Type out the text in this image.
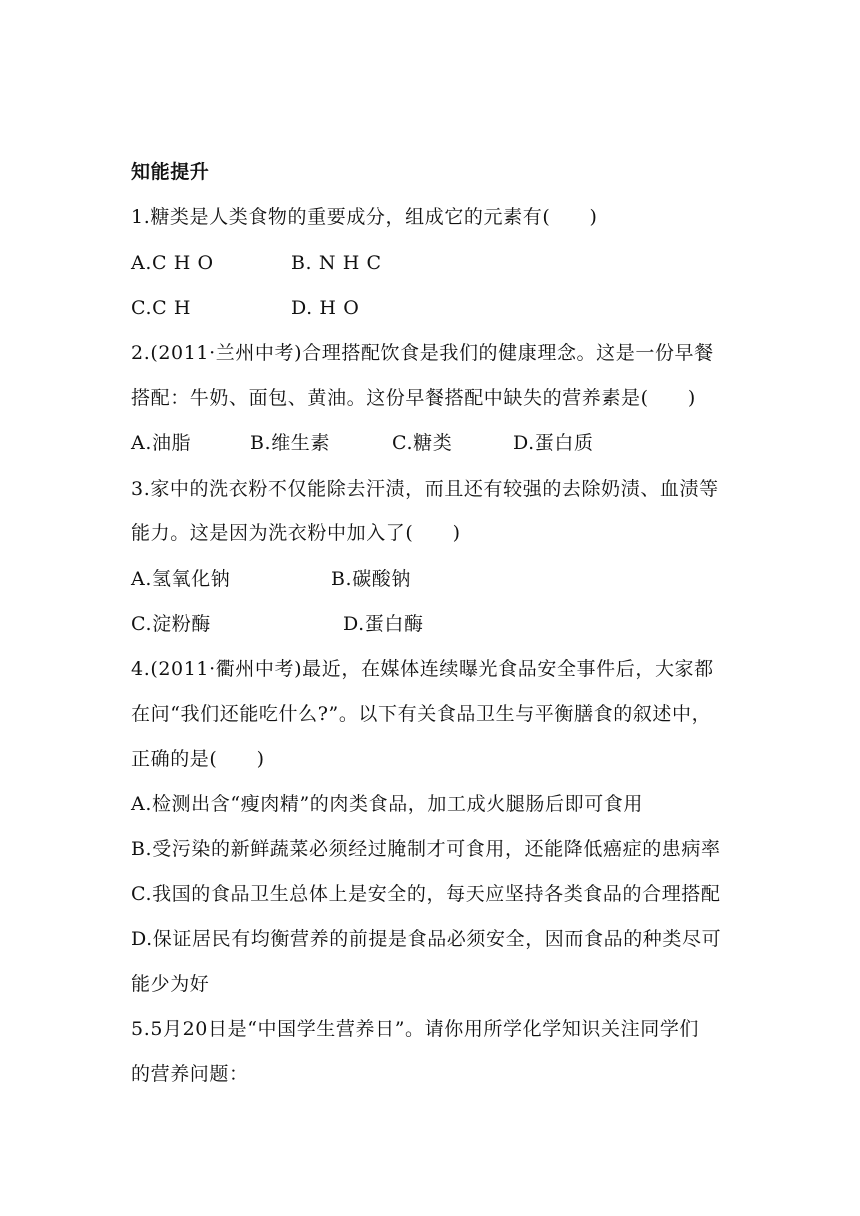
知能提升
1.糖类是人类食物的重要成分，组成它的元素有(　　)
A.C H O	B. N H C
C.C H	D. H O
2.(2011·兰州中考)合理搭配饮食是我们的健康理念。这是一份早餐
搭配：牛奶、面包、黄油。这份早餐搭配中缺失的营养素是(　　)
A.油脂	B.维生素	C.糖类	D.蛋白质
3.家中的洗衣粉不仅能除去汗渍，而且还有较强的去除奶渍、血渍等
能力。这是因为洗衣粉中加入了(　　)
A.氢氧化钠	B.碳酸钠
C.淀粉酶	D.蛋白酶
4.(2011·衢州中考)最近，在媒体连续曝光食品安全事件后，大家都
在问“我们还能吃什么?”。以下有关食品卫生与平衡膳食的叙述中，
正确的是(　　)
A.检测出含“瘦肉精”的肉类食品，加工成火腿肠后即可食用
B.受污染的新鲜蔬菜必须经过腌制才可食用，还能降低癌症的患病率
C.我国的食品卫生总体上是安全的，每天应坚持各类食品的合理搭配
D.保证居民有均衡营养的前提是食品必须安全，因而食品的种类尽可
能少为好
5.5月20日是“中国学生营养日”。请你用所学化学知识关注同学们
的营养问题：
